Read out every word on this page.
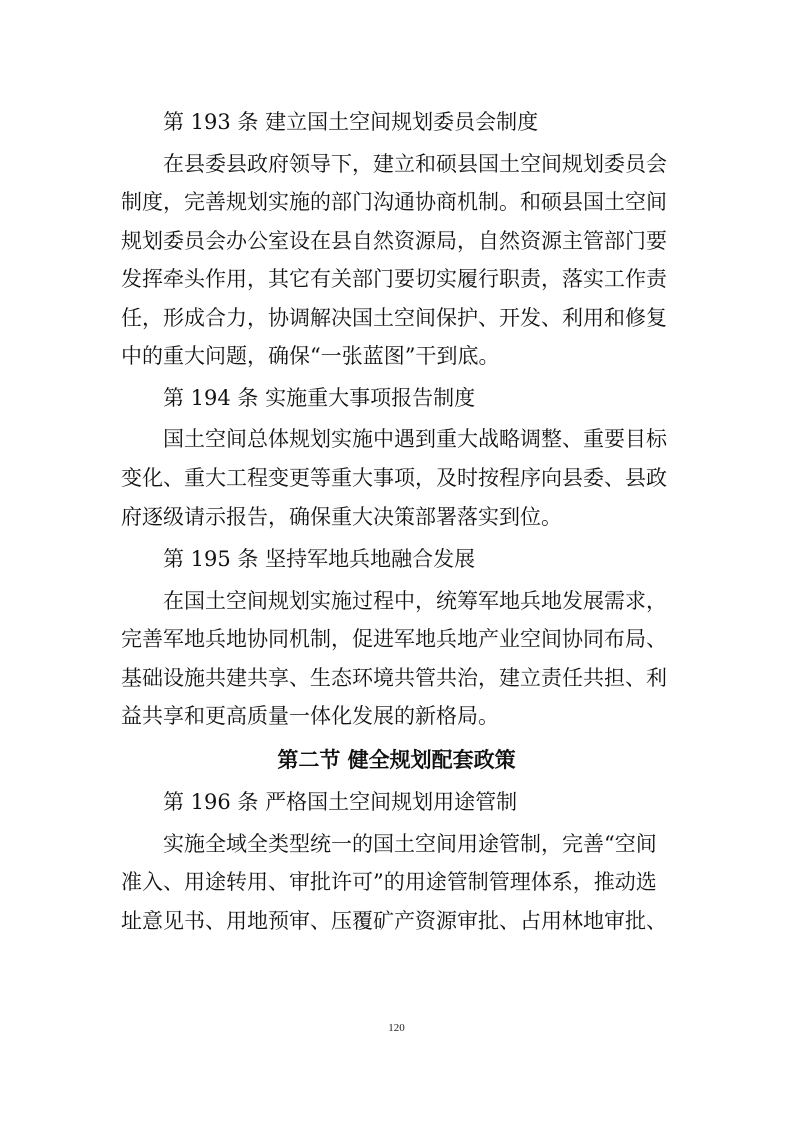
第 193 条 建立国土空间规划委员会制度
在县委县政府领导下，建立和硕县国土空间规划委员会
制度，完善规划实施的部门沟通协商机制。和硕县国土空间
规划委员会办公室设在县自然资源局，自然资源主管部门要
发挥牵头作用，其它有关部门要切实履行职责，落实工作责
任，形成合力，协调解决国土空间保护、开发、利用和修复
中的重大问题，确保“一张蓝图”干到底。
第 194 条 实施重大事项报告制度
国土空间总体规划实施中遇到重大战略调整、重要目标
变化、重大工程变更等重大事项，及时按程序向县委、县政
府逐级请示报告，确保重大决策部署落实到位。
第 195 条 坚持军地兵地融合发展
在国土空间规划实施过程中，统筹军地兵地发展需求，
完善军地兵地协同机制，促进军地兵地产业空间协同布局、
基础设施共建共享、生态环境共管共治，建立责任共担、利
益共享和更高质量一体化发展的新格局。
第二节 健全规划配套政策
第 196 条 严格国土空间规划用途管制
实施全域全类型统一的国土空间用途管制，完善“空间
准入、用途转用、审批许可”的用途管制管理体系，推动选
址意见书、用地预审、压覆矿产资源审批、占用林地审批、
120
